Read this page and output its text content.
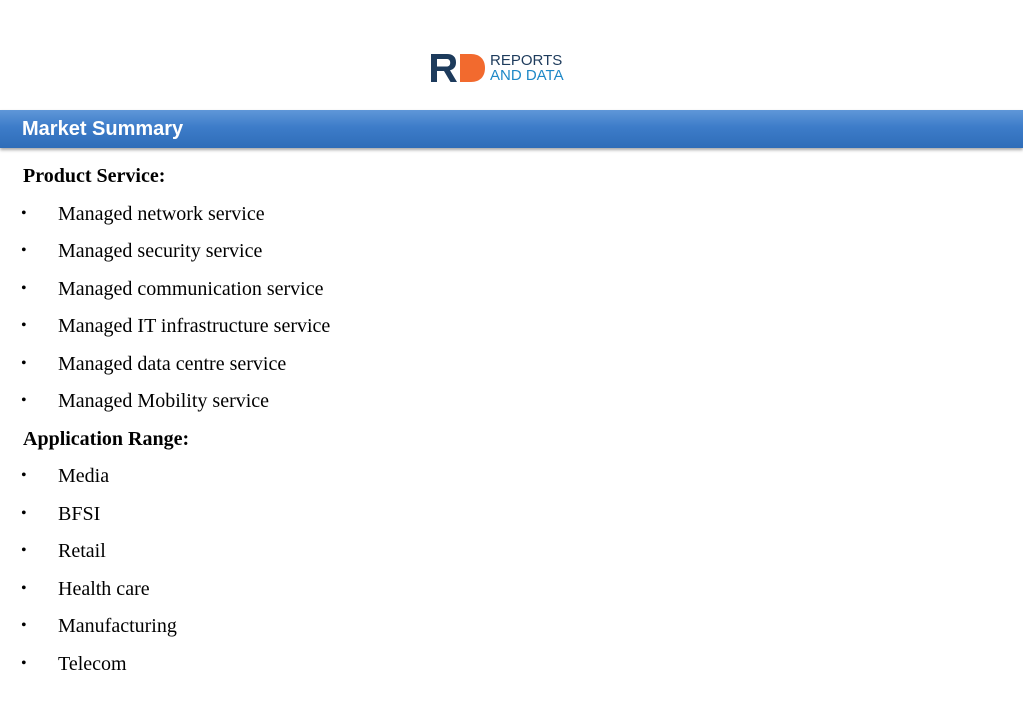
REPORTS
AND DATA
Market Summary
Product Service:
• Managed network service
• Managed security service
• Managed communication service
• Managed IT infrastructure service
• Managed data centre service
• Managed Mobility service
Application Range:
• Media
• BFSI
• Retail
• Health care
• Manufacturing
• Telecom
